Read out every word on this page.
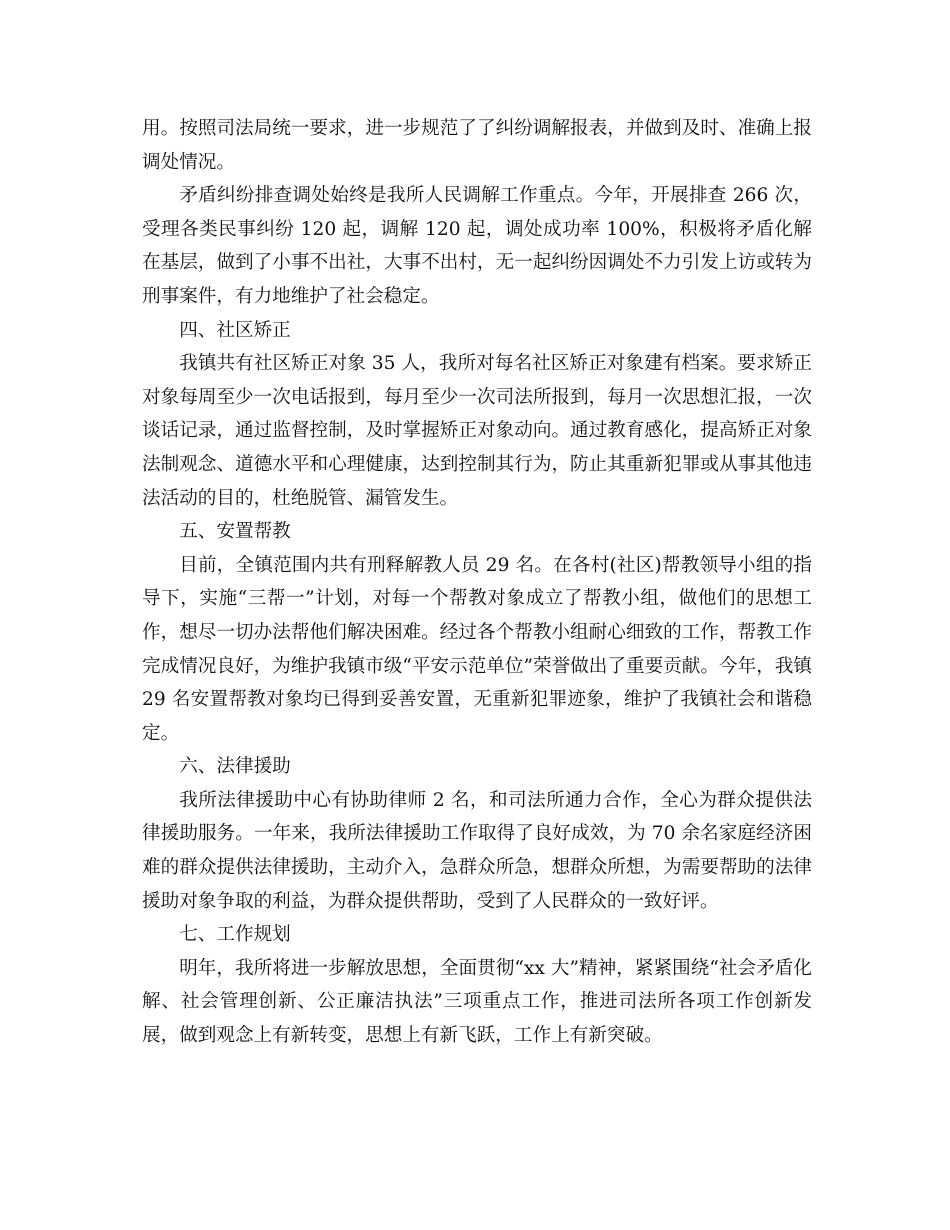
用。按照司法局统一要求，进一步规范了了纠纷调解报表，并做到及时、准确上报调处情况。

矛盾纠纷排查调处始终是我所人民调解工作重点。今年，开展排查 266 次，受理各类民事纠纷 120 起，调解 120 起，调处成功率 100%，积极将矛盾化解在基层，做到了小事不出社，大事不出村，无一起纠纷因调处不力引发上访或转为刑事案件，有力地维护了社会稳定。

四、社区矫正

我镇共有社区矫正对象 35 人，我所对每名社区矫正对象建有档案。要求矫正对象每周至少一次电话报到，每月至少一次司法所报到，每月一次思想汇报，一次谈话记录，通过监督控制，及时掌握矫正对象动向。通过教育感化，提高矫正对象法制观念、道德水平和心理健康，达到控制其行为，防止其重新犯罪或从事其他违法活动的目的，杜绝脱管、漏管发生。

五、安置帮教

目前，全镇范围内共有刑释解教人员 29 名。在各村(社区)帮教领导小组的指导下，实施“三帮一”计划，对每一个帮教对象成立了帮教小组，做他们的思想工作，想尽一切办法帮他们解决困难。经过各个帮教小组耐心细致的工作，帮教工作完成情况良好，为维护我镇市级“平安示范单位”荣誉做出了重要贡献。今年，我镇 29 名安置帮教对象均已得到妥善安置，无重新犯罪迹象，维护了我镇社会和谐稳定。

六、法律援助

我所法律援助中心有协助律师 2 名，和司法所通力合作，全心为群众提供法律援助服务。一年来，我所法律援助工作取得了良好成效，为 70 余名家庭经济困难的群众提供法律援助，主动介入，急群众所急，想群众所想，为需要帮助的法律援助对象争取的利益，为群众提供帮助，受到了人民群众的一致好评。

七、工作规划

明年，我所将进一步解放思想，全面贯彻“xx 大”精神，紧紧围绕“社会矛盾化解、社会管理创新、公正廉洁执法”三项重点工作，推进司法所各项工作创新发展，做到观念上有新转变，思想上有新飞跃，工作上有新突破。
